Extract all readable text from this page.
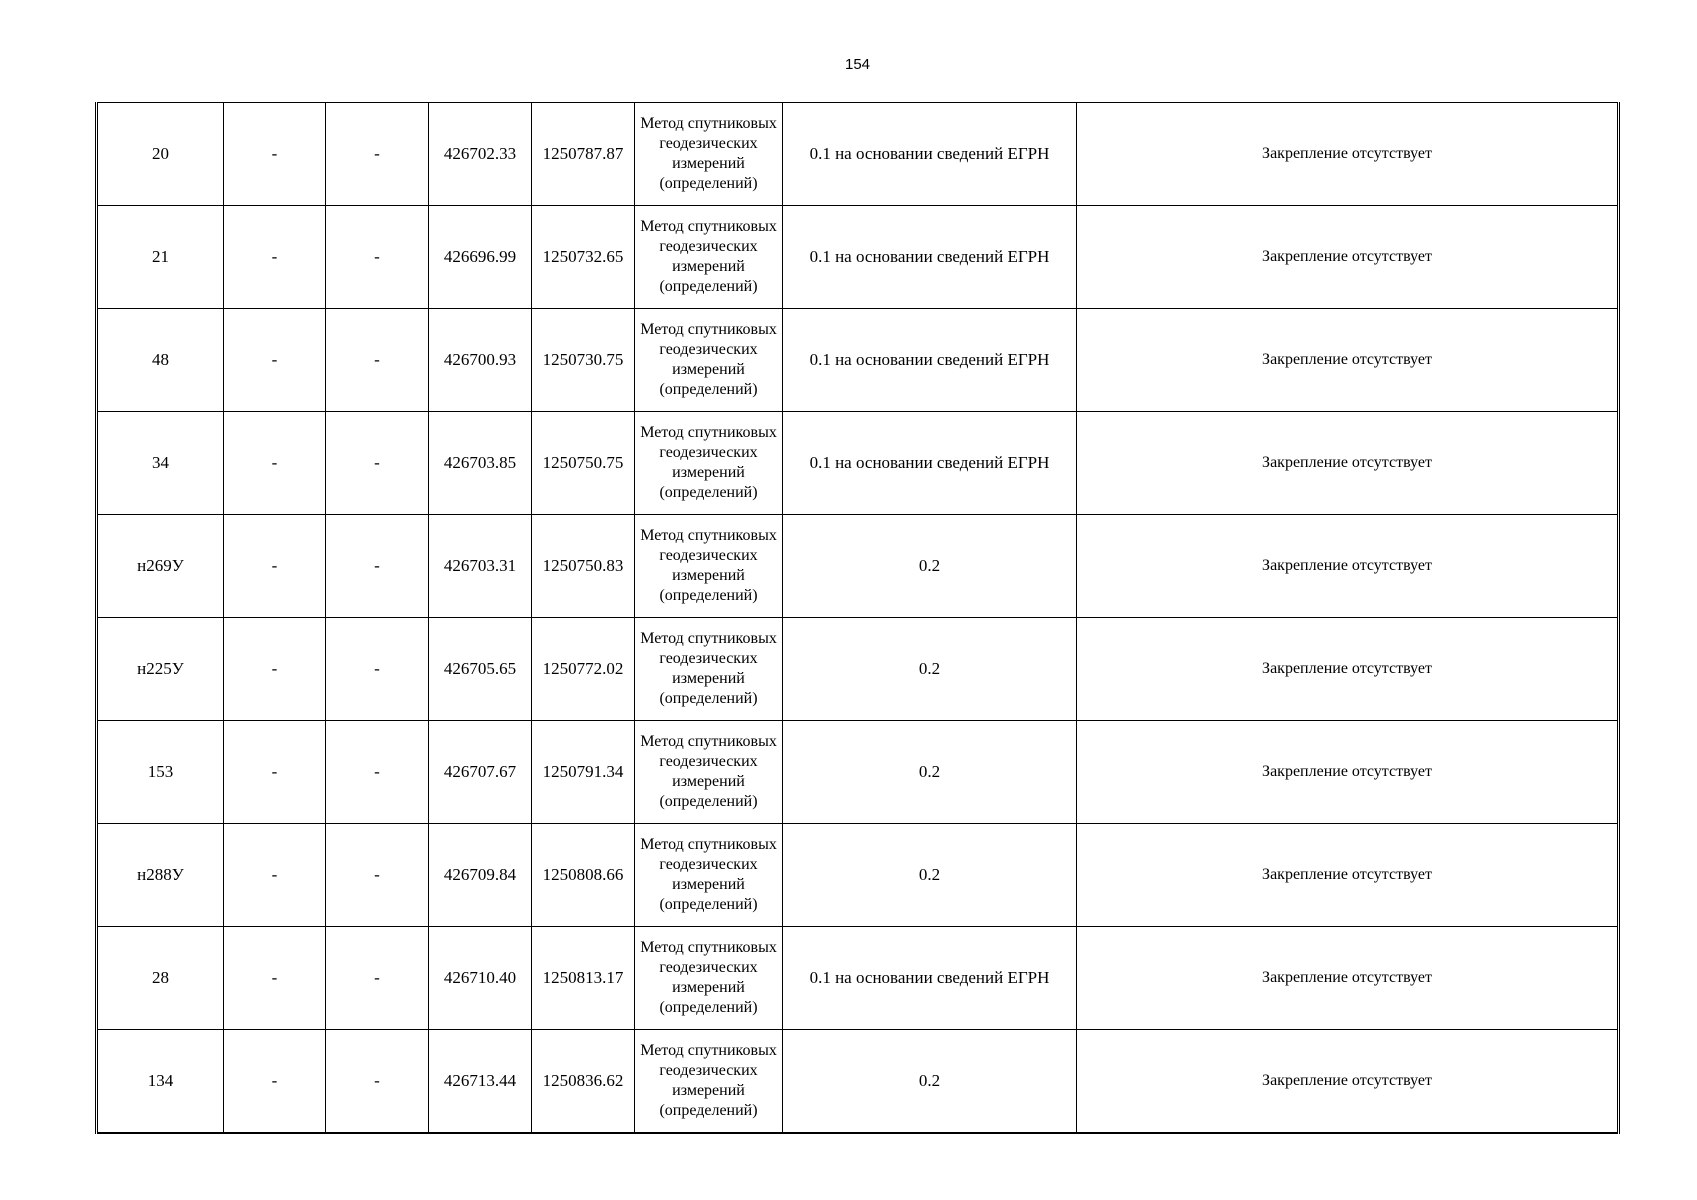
154
20	-	-	426702.33	1250787.87	Метод спутниковых геодезических измерений (определений)	0.1 на основании сведений ЕГРН	Закрепление отсутствует
21	-	-	426696.99	1250732.65	Метод спутниковых геодезических измерений (определений)	0.1 на основании сведений ЕГРН	Закрепление отсутствует
48	-	-	426700.93	1250730.75	Метод спутниковых геодезических измерений (определений)	0.1 на основании сведений ЕГРН	Закрепление отсутствует
34	-	-	426703.85	1250750.75	Метод спутниковых геодезических измерений (определений)	0.1 на основании сведений ЕГРН	Закрепление отсутствует
н269У	-	-	426703.31	1250750.83	Метод спутниковых геодезических измерений (определений)	0.2	Закрепление отсутствует
н225У	-	-	426705.65	1250772.02	Метод спутниковых геодезических измерений (определений)	0.2	Закрепление отсутствует
153	-	-	426707.67	1250791.34	Метод спутниковых геодезических измерений (определений)	0.2	Закрепление отсутствует
н288У	-	-	426709.84	1250808.66	Метод спутниковых геодезических измерений (определений)	0.2	Закрепление отсутствует
28	-	-	426710.40	1250813.17	Метод спутниковых геодезических измерений (определений)	0.1 на основании сведений ЕГРН	Закрепление отсутствует
134	-	-	426713.44	1250836.62	Метод спутниковых геодезических измерений (определений)	0.2	Закрепление отсутствует
